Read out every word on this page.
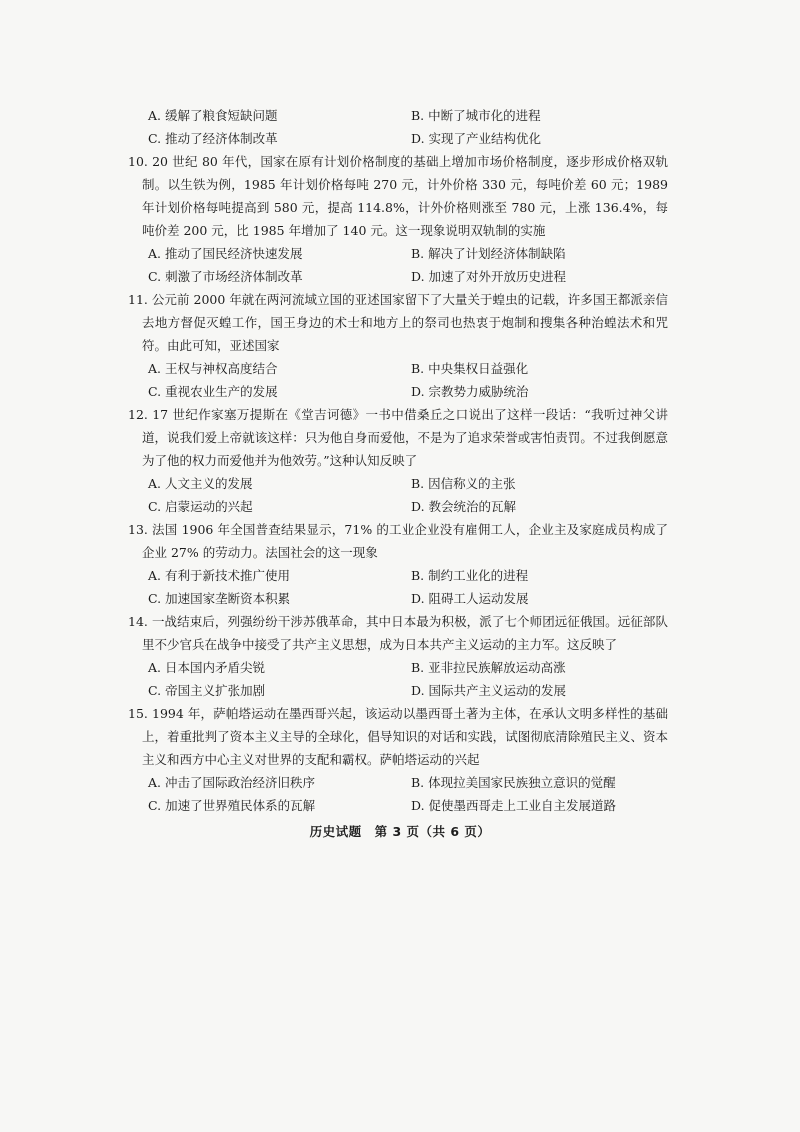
A. 缓解了粮食短缺问题	B. 中断了城市化的进程
C. 推动了经济体制改革	D. 实现了产业结构优化
10. 20 世纪 80 年代，国家在原有计划价格制度的基础上增加市场价格制度，逐步形成价格双轨制。以生铁为例，1985 年计划价格每吨 270 元，计外价格 330 元，每吨价差 60 元；1989 年计划价格每吨提高到 580 元，提高 114.8%，计外价格则涨至 780 元，上涨 136.4%，每吨价差 200 元，比 1985 年增加了 140 元。这一现象说明双轨制的实施
A. 推动了国民经济快速发展	B. 解决了计划经济体制缺陷
C. 刺激了市场经济体制改革	D. 加速了对外开放历史进程
11. 公元前 2000 年就在两河流域立国的亚述国家留下了大量关于蝗虫的记载，许多国王都派亲信去地方督促灭蝗工作，国王身边的术士和地方上的祭司也热衷于炮制和搜集各种治蝗法术和咒符。由此可知，亚述国家
A. 王权与神权高度结合	B. 中央集权日益强化
C. 重视农业生产的发展	D. 宗教势力威胁统治
12. 17 世纪作家塞万提斯在《堂吉诃德》一书中借桑丘之口说出了这样一段话：“我听过神父讲道，说我们爱上帝就该这样：只为他自身而爱他，不是为了追求荣誉或害怕责罚。不过我倒愿意为了他的权力而爱他并为他效劳。”这种认知反映了
A. 人文主义的发展	B. 因信称义的主张
C. 启蒙运动的兴起	D. 教会统治的瓦解
13. 法国 1906 年全国普查结果显示，71% 的工业企业没有雇佣工人，企业主及家庭成员构成了企业 27% 的劳动力。法国社会的这一现象
A. 有利于新技术推广使用	B. 制约工业化的进程
C. 加速国家垄断资本积累	D. 阻碍工人运动发展
14. 一战结束后，列强纷纷干涉苏俄革命，其中日本最为积极，派了七个师团远征俄国。远征部队里不少官兵在战争中接受了共产主义思想，成为日本共产主义运动的主力军。这反映了
A. 日本国内矛盾尖锐	B. 亚非拉民族解放运动高涨
C. 帝国主义扩张加剧	D. 国际共产主义运动的发展
15. 1994 年，萨帕塔运动在墨西哥兴起，该运动以墨西哥土著为主体，在承认文明多样性的基础上，着重批判了资本主义主导的全球化，倡导知识的对话和实践，试图彻底清除殖民主义、资本主义和西方中心主义对世界的支配和霸权。萨帕塔运动的兴起
A. 冲击了国际政治经济旧秩序	B. 体现拉美国家民族独立意识的觉醒
C. 加速了世界殖民体系的瓦解	D. 促使墨西哥走上工业自主发展道路
历史试题　第 3 页（共 6 页）
